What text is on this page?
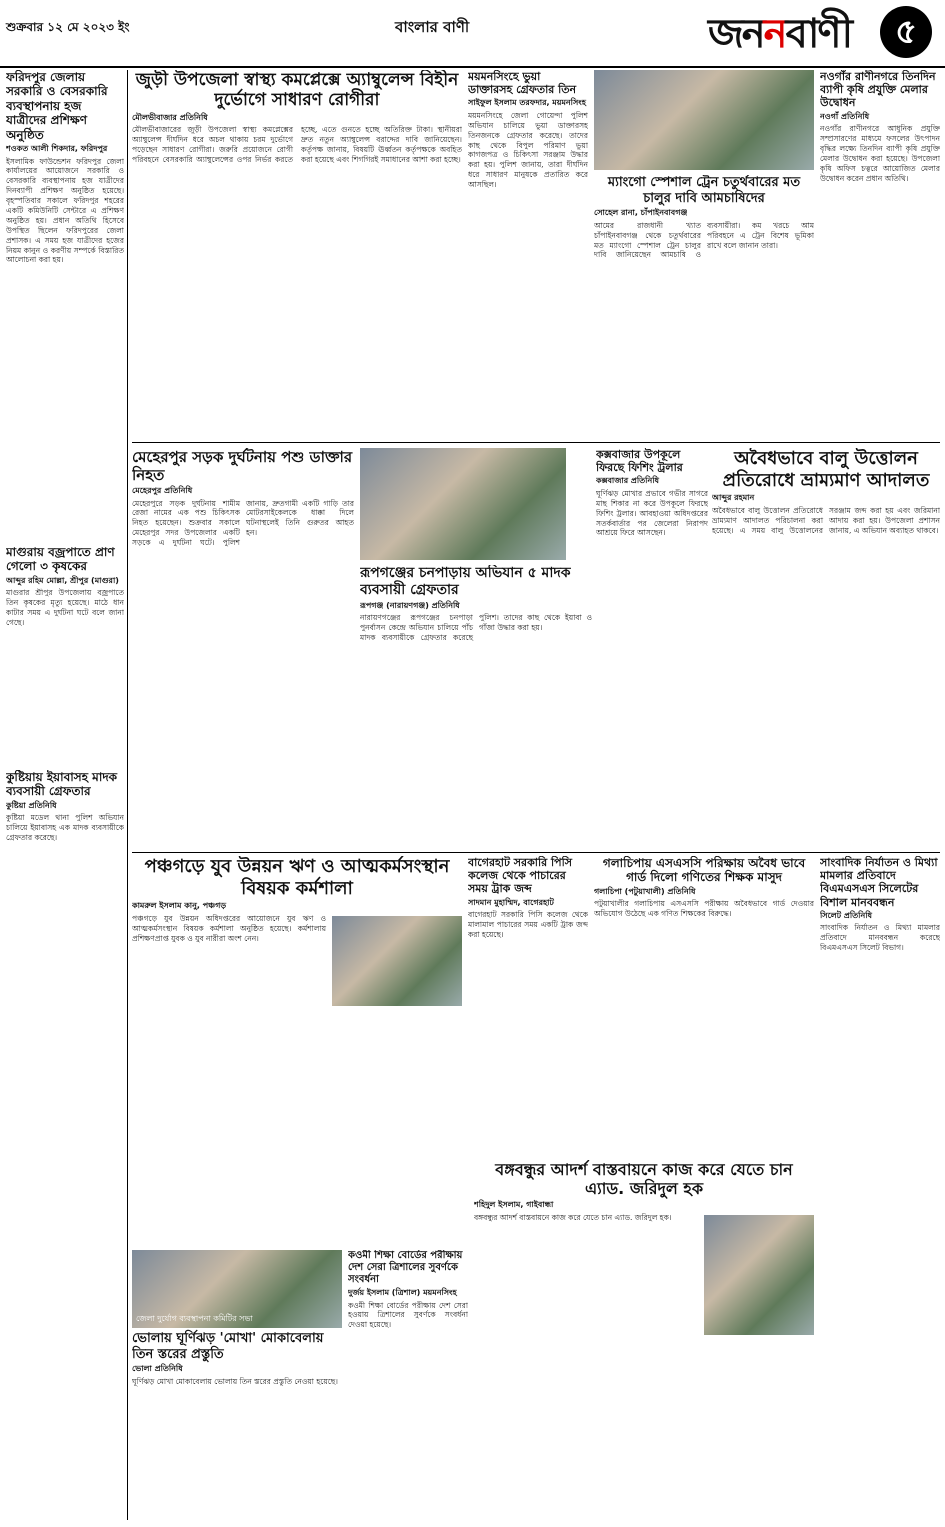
শুক্রবার ১২ মে ২০২৩ ইং	বাংলার বাণী	জননবাণী	৫
ফরিদপুর জেলায় সরকারি ও বেসরকারি ব্যবস্থাপনায় হজ যাত্রীদের প্রশিক্ষণ অনুষ্ঠিত
শওকত আলী শিকদার, ফরিদপুর
ইসলামিক ফাউন্ডেশন ফরিদপুর জেলা কার্যালয়ের আয়োজনে সরকারি ও বেসরকারি ব্যবস্থাপনায় হজ যাত্রীদের দিনব্যাপী প্রশিক্ষণ অনুষ্ঠিত হয়েছে। বৃহস্পতিবার সকালে ফরিদপুর শহরের একটি কমিউনিটি সেন্টারে এ প্রশিক্ষণ অনুষ্ঠিত হয়। প্রধান অতিথি হিসেবে উপস্থিত ছিলেন ফরিদপুরের জেলা প্রশাসক। এ সময় হজ যাত্রীদের হজের নিয়ম কানুন ও করণীয় সম্পর্কে বিস্তারিত আলোচনা করা হয়।
মাগুরায় বজ্রপাতে প্রাণ গেলো ৩ কৃষকের
আব্দুর রহিম মোল্লা, শ্রীপুর (মাগুরা)
মাগুরার শ্রীপুর উপজেলায় বজ্রপাতে তিন কৃষকের মৃত্যু হয়েছে। মাঠে ধান কাটার সময় এ দুর্ঘটনা ঘটে বলে জানা গেছে।
কুষ্টিয়ায় ইয়াবাসহ মাদক ব্যবসায়ী গ্রেফতার
কুষ্টিয়া প্রতিনিধি
কুষ্টিয়া মডেল থানা পুলিশ অভিযান চালিয়ে ইয়াবাসহ এক মাদক ব্যবসায়ীকে গ্রেফতার করেছে।
জুড়ী উপজেলা স্বাস্থ্য কমপ্লেক্সে অ্যাম্বুলেন্স বিহীন দুর্ভোগে সাধারণ রোগীরা
মৌলভীবাজার প্রতিনিধি
মৌলভীবাজারের জুড়ী উপজেলা স্বাস্থ্য কমপ্লেক্সের অ্যাম্বুলেন্স দীর্ঘদিন ধরে অচল থাকায় চরম দুর্ভোগে পড়েছেন সাধারণ রোগীরা। জরুরি প্রয়োজনে রোগী পরিবহনে বেসরকারি অ্যাম্বুলেন্সের ওপর নির্ভর করতে হচ্ছে, এতে গুনতে হচ্ছে অতিরিক্ত টাকা। স্থানীয়রা দ্রুত নতুন অ্যাম্বুলেন্স বরাদ্দের দাবি জানিয়েছেন। কর্তৃপক্ষ জানায়, বিষয়টি ঊর্ধ্বতন কর্তৃপক্ষকে অবহিত করা হয়েছে এবং শিগগিরই সমাধানের আশা করা হচ্ছে।
ময়মনসিংহে ভুয়া ডাক্তারসহ গ্রেফতার তিন
সাইফুল ইসলাম তরফদার, ময়মনসিংহ
ময়মনসিংহে জেলা গোয়েন্দা পুলিশ অভিযান চালিয়ে ভুয়া ডাক্তারসহ তিনজনকে গ্রেফতার করেছে। তাদের কাছ থেকে বিপুল পরিমাণ ভুয়া কাগজপত্র ও চিকিৎসা সরঞ্জাম উদ্ধার করা হয়। পুলিশ জানায়, তারা দীর্ঘদিন ধরে সাধারণ মানুষকে প্রতারিত করে আসছিল।	ম্যাংগো স্পেশাল ট্রেন চতুর্থবারের মত চালুর দাবি আমচাষিদের
সোহেল রানা, চাঁপাইনবাবগঞ্জ
আমের রাজধানী খ্যাত চাঁপাইনবাবগঞ্জ থেকে চতুর্থবারের মত ম্যাংগো স্পেশাল ট্রেন চালুর দাবি জানিয়েছেন আমচাষি ও ব্যবসায়ীরা। কম খরচে আম পরিবহনে এ ট্রেন বিশেষ ভূমিকা রাখে বলে জানান তারা।
নওগাঁর রাণীনগরে তিনদিন ব্যাপী কৃষি প্রযুক্তি মেলার উদ্বোধন
নওগাঁ প্রতিনিধি
নওগাঁর রাণীনগরে আধুনিক প্রযুক্তি সম্প্রসারণের মাধ্যমে ফসলের উৎপাদন বৃদ্ধির লক্ষ্যে তিনদিন ব্যাপী কৃষি প্রযুক্তি মেলার উদ্বোধন করা হয়েছে। উপজেলা কৃষি অফিস চত্বরে আয়োজিত মেলার উদ্বোধন করেন প্রধান অতিথি।
মেহেরপুর সড়ক দুর্ঘটনায় পশু ডাক্তার নিহত
মেহেরপুর প্রতিনিধি
মেহেরপুরে সড়ক দুর্ঘটনায় শামীম রেজা নামের এক পশু চিকিৎসক নিহত হয়েছেন। শুক্রবার সকালে মেহেরপুর সদর উপজেলার একটি সড়কে এ দুর্ঘটনা ঘটে। পুলিশ জানায়, দ্রুতগামী একটি গাড়ি তার মোটরসাইকেলকে ধাক্কা দিলে ঘটনাস্থলেই তিনি গুরুতর আহত হন।
রূপগঞ্জের চনপাড়ায় অভিযান ৫ মাদক ব্যবসায়ী গ্রেফতার
রূপগঞ্জ (নারায়ণগঞ্জ) প্রতিনিধি
নারায়ণগঞ্জের রূপগঞ্জের চনপাড়া পুনর্বাসন কেন্দ্রে অভিযান চালিয়ে পাঁচ মাদক ব্যবসায়ীকে গ্রেফতার করেছে পুলিশ। তাদের কাছ থেকে ইয়াবা ও গাঁজা উদ্ধার করা হয়।
কক্সবাজার উপকূলে ফিরছে ফিশিং ট্রলার
কক্সবাজার প্রতিনিধি
ঘূর্ণিঝড় মোখার প্রভাবে গভীর সাগরে মাছ শিকার না করে উপকূলে ফিরছে ফিশিং ট্রলার। আবহাওয়া অধিদপ্তরের সতর্কবার্তার পর জেলেরা নিরাপদ আশ্রয়ে ফিরে আসছেন।
অবৈধভাবে বালু উত্তোলন প্রতিরোধে ভ্রাম্যমাণ আদালত
আব্দুর রহমান
অবৈধভাবে বালু উত্তোলন প্রতিরোধে ভ্রাম্যমাণ আদালত পরিচালনা করা হয়েছে। এ সময় বালু উত্তোলনের সরঞ্জাম জব্দ করা হয় এবং জরিমানা আদায় করা হয়। উপজেলা প্রশাসন জানায়, এ অভিযান অব্যাহত থাকবে।
পঞ্চগড়ে যুব উন্নয়ন ঋণ ও আত্মকর্মসংস্থান বিষয়ক কর্মশালা
কামরুল ইসলাম কানু, পঞ্চগড়
পঞ্চগড়ে যুব উন্নয়ন অধিদপ্তরের আয়োজনে যুব ঋণ ও আত্মকর্মসংস্থান বিষয়ক কর্মশালা অনুষ্ঠিত হয়েছে। কর্মশালায় প্রশিক্ষণপ্রাপ্ত যুবক ও যুব নারীরা অংশ নেন।
বাগেরহাট সরকারি পিসি কলেজ থেকে পাচারের সময় ট্রাক জব্দ
সাদমান মুহাম্মিদ, বাগেরহাট
বাগেরহাট সরকারি পিসি কলেজ থেকে মালামাল পাচারের সময় একটি ট্রাক জব্দ করা হয়েছে।
গলাচিপায় এসএসসি পরিক্ষায় অবৈধ ভাবে গার্ড দিলো গণিতের শিক্ষক মাসুদ
গলাচিপা (পটুয়াখালী) প্রতিনিধি
পটুয়াখালীর গলাচিপায় এসএসসি পরীক্ষায় অবৈধভাবে গার্ড দেওয়ার অভিযোগ উঠেছে এক গণিত শিক্ষকের বিরুদ্ধে।
সাংবাদিক নির্যাতন ও মিথ্যা মামলার প্রতিবাদে বিএমএসএস সিলেটের বিশাল মানববন্ধন
সিলেট প্রতিনিধি
সাংবাদিক নির্যাতন ও মিথ্যা মামলার প্রতিবাদে মানববন্ধন করেছে বিএমএসএস সিলেট বিভাগ।
জেলা দুর্যোগ ব্যবস্থাপনা কমিটির সভা
ভোলায় ঘূর্ণিঝড় 'মোখা' মোকাবেলায় তিন স্তরের প্রস্তুতি
ভোলা প্রতিনিধি
ঘূর্ণিঝড় মোখা মোকাবেলায় ভোলায় তিন স্তরের প্রস্তুতি নেওয়া হয়েছে।
কওমী শিক্ষা বোর্ডের পরীক্ষায় দেশ সেরা ত্রিশালের সুবর্ণকে সংবর্ধনা
দুর্জয় ইসলাম (ত্রিশাল) ময়মনসিংহ
কওমী শিক্ষা বোর্ডের পরীক্ষায় দেশ সেরা হওয়ায় ত্রিশালের সুবর্ণকে সংবর্ধনা দেওয়া হয়েছে।
বঙ্গবন্ধুর আদর্শ বাস্তবায়নে কাজ করে যেতে চান এ্যাড. জরিদুল হক
শহিদুল ইসলাম, গাইবান্ধা
বঙ্গবন্ধুর আদর্শ বাস্তবায়নে কাজ করে যেতে চান এ্যাড. জরিদুল হক।
